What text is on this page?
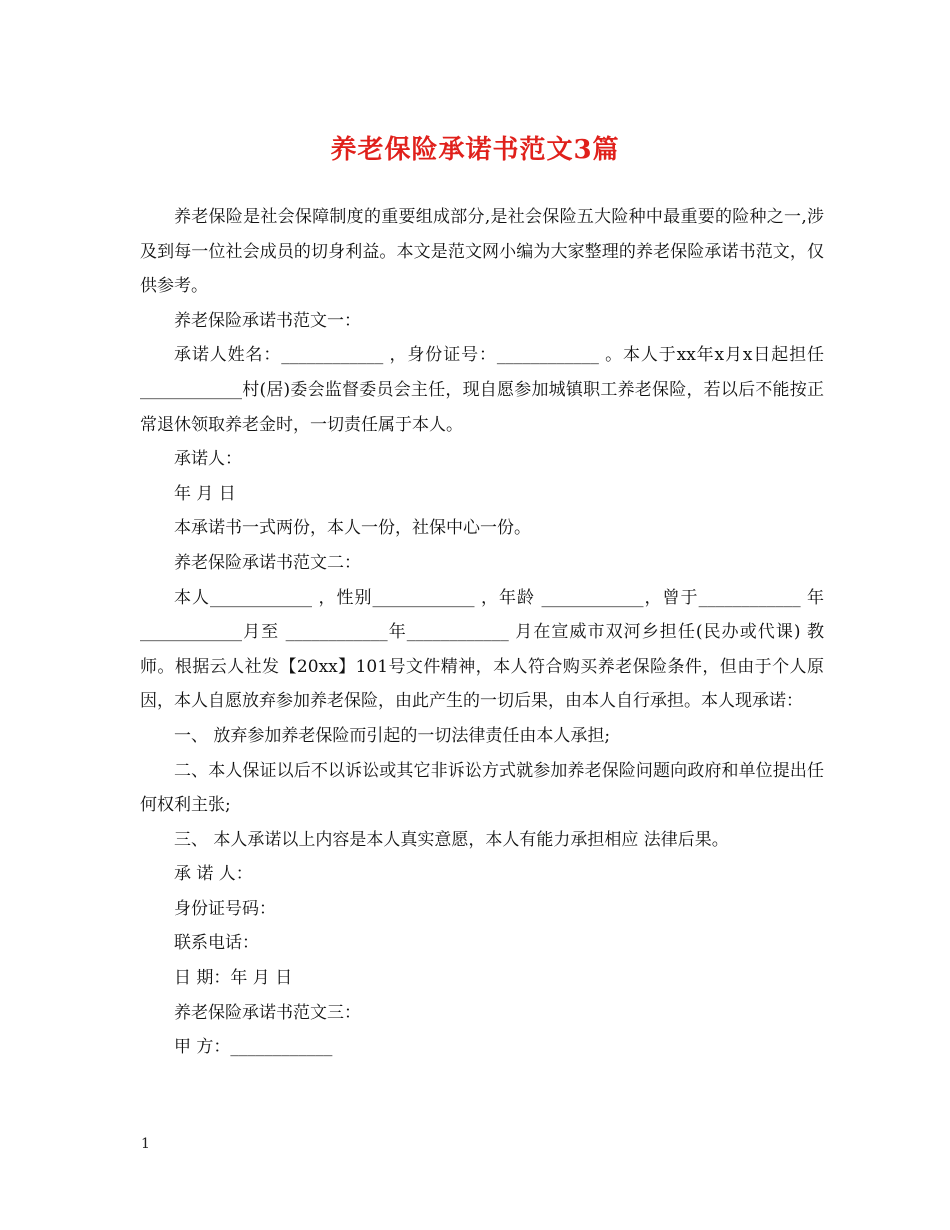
养老保险承诺书范文3篇

养老保险是社会保障制度的重要组成部分,是社会保险五大险种中最重要的险种之一,涉及到每一位社会成员的切身利益。本文是范文网小编为大家整理的养老保险承诺书范文，仅供参考。

养老保险承诺书范文一：

承诺人姓名：____________ ，身份证号：____________ 。本人于xx年x月x日起担任 ____________村(居)委会监督委员会主任，现自愿参加城镇职工养老保险，若以后不能按正常退休领取养老金时，一切责任属于本人。

承诺人：

年 月 日

本承诺书一式两份，本人一份，社保中心一份。

养老保险承诺书范文二：

本人____________ ，性别____________ ，年龄 ____________，曾于____________ 年 ____________月至 ____________年____________ 月在宣威市双河乡担任(民办或代课) 教师。根据云人社发【20xx】101号文件精神，本人符合购买养老保险条件，但由于个人原因，本人自愿放弃参加养老保险，由此产生的一切后果，由本人自行承担。本人现承诺：

一、 放弃参加养老保险而引起的一切法律责任由本人承担;

二、本人保证以后不以诉讼或其它非诉讼方式就参加养老保险问题向政府和单位提出任何权利主张;

三、 本人承诺以上内容是本人真实意愿，本人有能力承担相应 法律后果。

承 诺 人：

身份证号码：

联系电话：

日 期：年 月 日

养老保险承诺书范文三：

甲 方：____________

1
